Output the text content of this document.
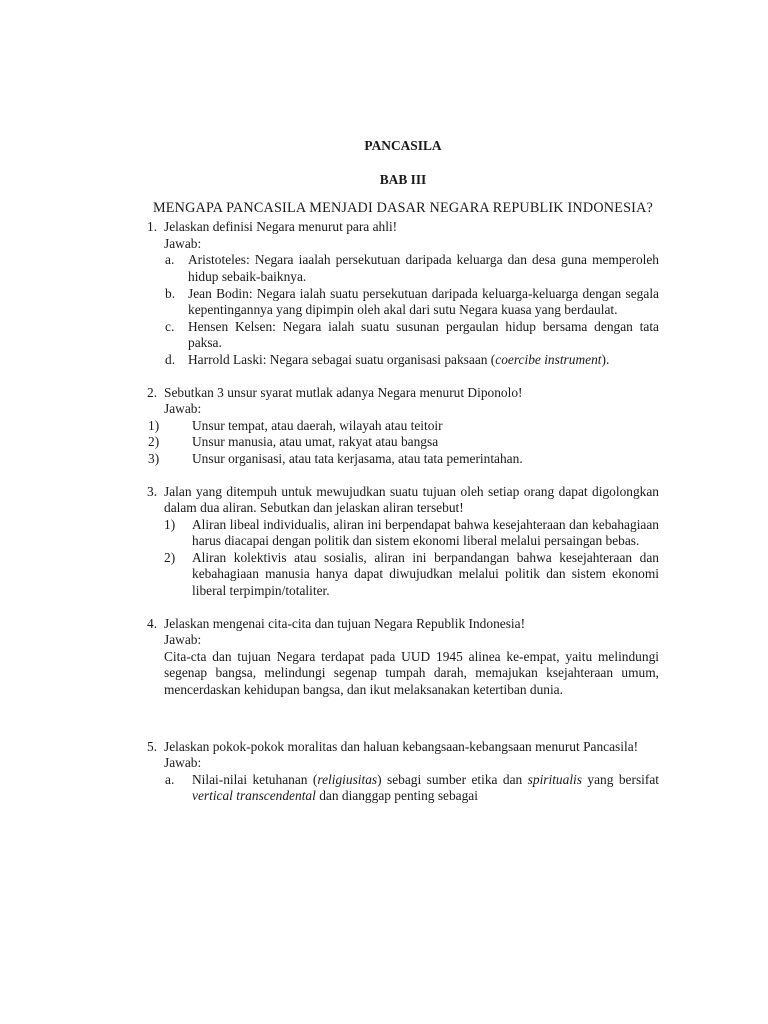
PANCASILA
BAB III
MENGAPA PANCASILA MENJADI DASAR NEGARA REPUBLIK INDONESIA?
1. Jelaskan definisi Negara menurut para ahli!
Jawab:
a. Aristoteles: Negara iaalah persekutuan daripada keluarga dan desa guna memperoleh hidup sebaik-baiknya.
b. Jean Bodin: Negara ialah suatu persekutuan daripada keluarga-keluarga dengan segala kepentingannya yang dipimpin oleh akal dari sutu Negara kuasa yang berdaulat.
c. Hensen Kelsen: Negara ialah suatu susunan pergaulan hidup bersama dengan tata paksa.
d. Harrold Laski: Negara sebagai suatu organisasi paksaan (coercibe instrument).
2. Sebutkan 3 unsur syarat mutlak adanya Negara menurut Diponolo!
Jawab:
1) Unsur tempat, atau daerah, wilayah atau teitoir
2) Unsur manusia, atau umat, rakyat atau bangsa
3) Unsur organisasi, atau tata kerjasama, atau tata pemerintahan.
3. Jalan yang ditempuh untuk mewujudkan suatu tujuan oleh setiap orang dapat digolongkan dalam dua aliran. Sebutkan dan jelaskan aliran tersebut!
1) Aliran libeal individualis, aliran ini berpendapat bahwa kesejahteraan dan kebahagiaan harus diacapai dengan politik dan sistem ekonomi liberal melalui persaingan bebas.
2) Aliran kolektivis atau sosialis, aliran ini berpandangan bahwa kesejahteraan dan kebahagiaan manusia hanya dapat diwujudkan melalui politik dan sistem ekonomi liberal terpimpin/totaliter.
4. Jelaskan mengenai cita-cita dan tujuan Negara Republik Indonesia!
Jawab:
Cita-cta dan tujuan Negara terdapat pada UUD 1945 alinea ke-empat, yaitu melindungi segenap bangsa, melindungi segenap tumpah darah, memajukan ksejahteraan umum, mencerdaskan kehidupan bangsa, dan ikut melaksanakan ketertiban dunia.
5. Jelaskan pokok-pokok moralitas dan haluan kebangsaan-kebangsaan menurut Pancasila!
Jawab:
a. Nilai-nilai ketuhanan (religiusitas) sebagi sumber etika dan spiritualis yang bersifat vertical transcendental dan dianggap penting sebagai
